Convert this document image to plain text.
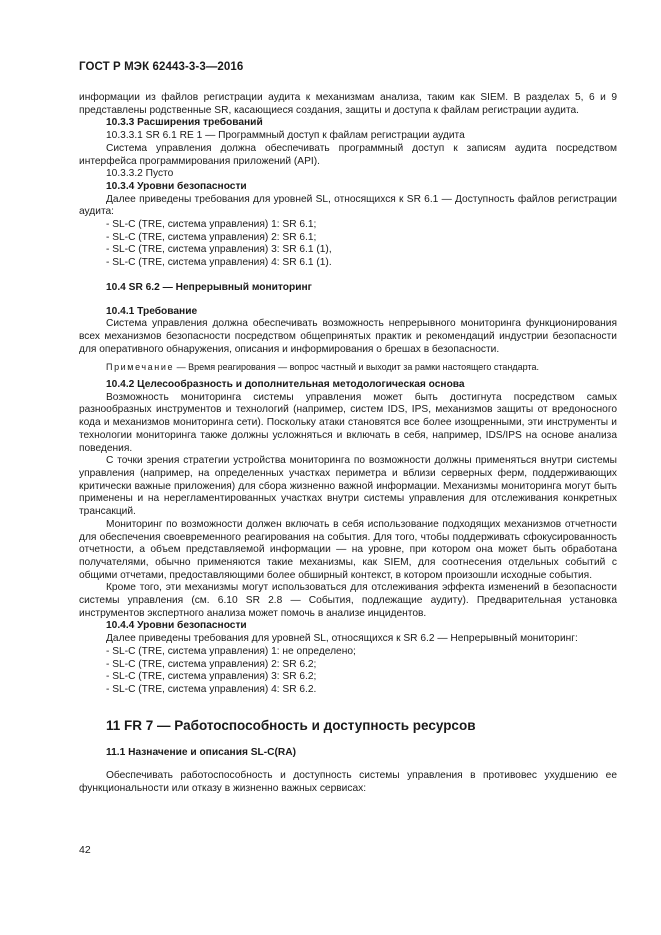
ГОСТ Р МЭК 62443-3-3—2016

информации из файлов регистрации аудита к механизмам анализа, таким как SIEM. В разделах 5, 6 и 9 представлены родственные SR, касающиеся создания, защиты и доступа к файлам регистрации аудита.

10.3.3 Расширения требований

10.3.3.1 SR 6.1 RE 1 — Программный доступ к файлам регистрации аудита

Система управления должна обеспечивать программный доступ к записям аудита посредством интерфейса программирования приложений (API).

10.3.3.2 Пусто

10.3.4 Уровни безопасности

Далее приведены требования для уровней SL, относящихся к SR 6.1 — Доступность файлов регистрации аудита:

- SL-C (TRE, система управления) 1: SR 6.1;

- SL-C (TRE, система управления) 2: SR 6.1;

- SL-C (TRE, система управления) 3: SR 6.1 (1),

- SL-C (TRE, система управления) 4: SR 6.1 (1).

10.4 SR 6.2 — Непрерывный мониторинг

10.4.1 Требование

Система управления должна обеспечивать возможность непрерывного мониторинга функционирования всех механизмов безопасности посредством общепринятых практик и рекомендаций индустрии безопасности для оперативного обнаружения, описания и информирования о брешах в безопасности.

Примечание — Время реагирования — вопрос частный и выходит за рамки настоящего стандарта.

10.4.2 Целесообразность и дополнительная методологическая основа

Возможность мониторинга системы управления может быть достигнута посредством самых разнообразных инструментов и технологий (например, систем IDS, IPS, механизмов защиты от вредоносного кода и механизмов мониторинга сети). Поскольку атаки становятся все более изощренными, эти инструменты и технологии мониторинга также должны усложняться и включать в себя, например, IDS/IPS на основе анализа поведения.

С точки зрения стратегии устройства мониторинга по возможности должны применяться внутри системы управления (например, на определенных участках периметра и вблизи серверных ферм, поддерживающих критически важные приложения) для сбора жизненно важной информации. Механизмы мониторинга могут быть применены и на нерегламентированных участках внутри системы управления для отслеживания конкретных трансакций.

Мониторинг по возможности должен включать в себя использование подходящих механизмов отчетности для обеспечения своевременного реагирования на события. Для того, чтобы поддерживать сфокусированность отчетности, а объем представляемой информации — на уровне, при котором она может быть обработана получателями, обычно применяются такие механизмы, как SIEM, для соотнесения отдельных событий с общими отчетами, предоставляющими более обширный контекст, в котором произошли исходные события.

Кроме того, эти механизмы могут использоваться для отслеживания эффекта изменений в безопасности системы управления (см. 6.10 SR 2.8 — События, подлежащие аудиту). Предварительная установка инструментов экспертного анализа может помочь в анализе инцидентов.

10.4.4 Уровни безопасности

Далее приведены требования для уровней SL, относящихся к SR 6.2 — Непрерывный мониторинг:

- SL-C (TRE, система управления) 1: не определено;

- SL-C (TRE, система управления) 2: SR 6.2;

- SL-C (TRE, система управления) 3: SR 6.2;

- SL-C (TRE, система управления) 4: SR 6.2.

11 FR 7 — Работоспособность и доступность ресурсов

11.1 Назначение и описания SL-C(RA)

Обеспечивать работоспособность и доступность системы управления в противовес ухудшению ее функциональности или отказу в жизненно важных сервисах:

42
